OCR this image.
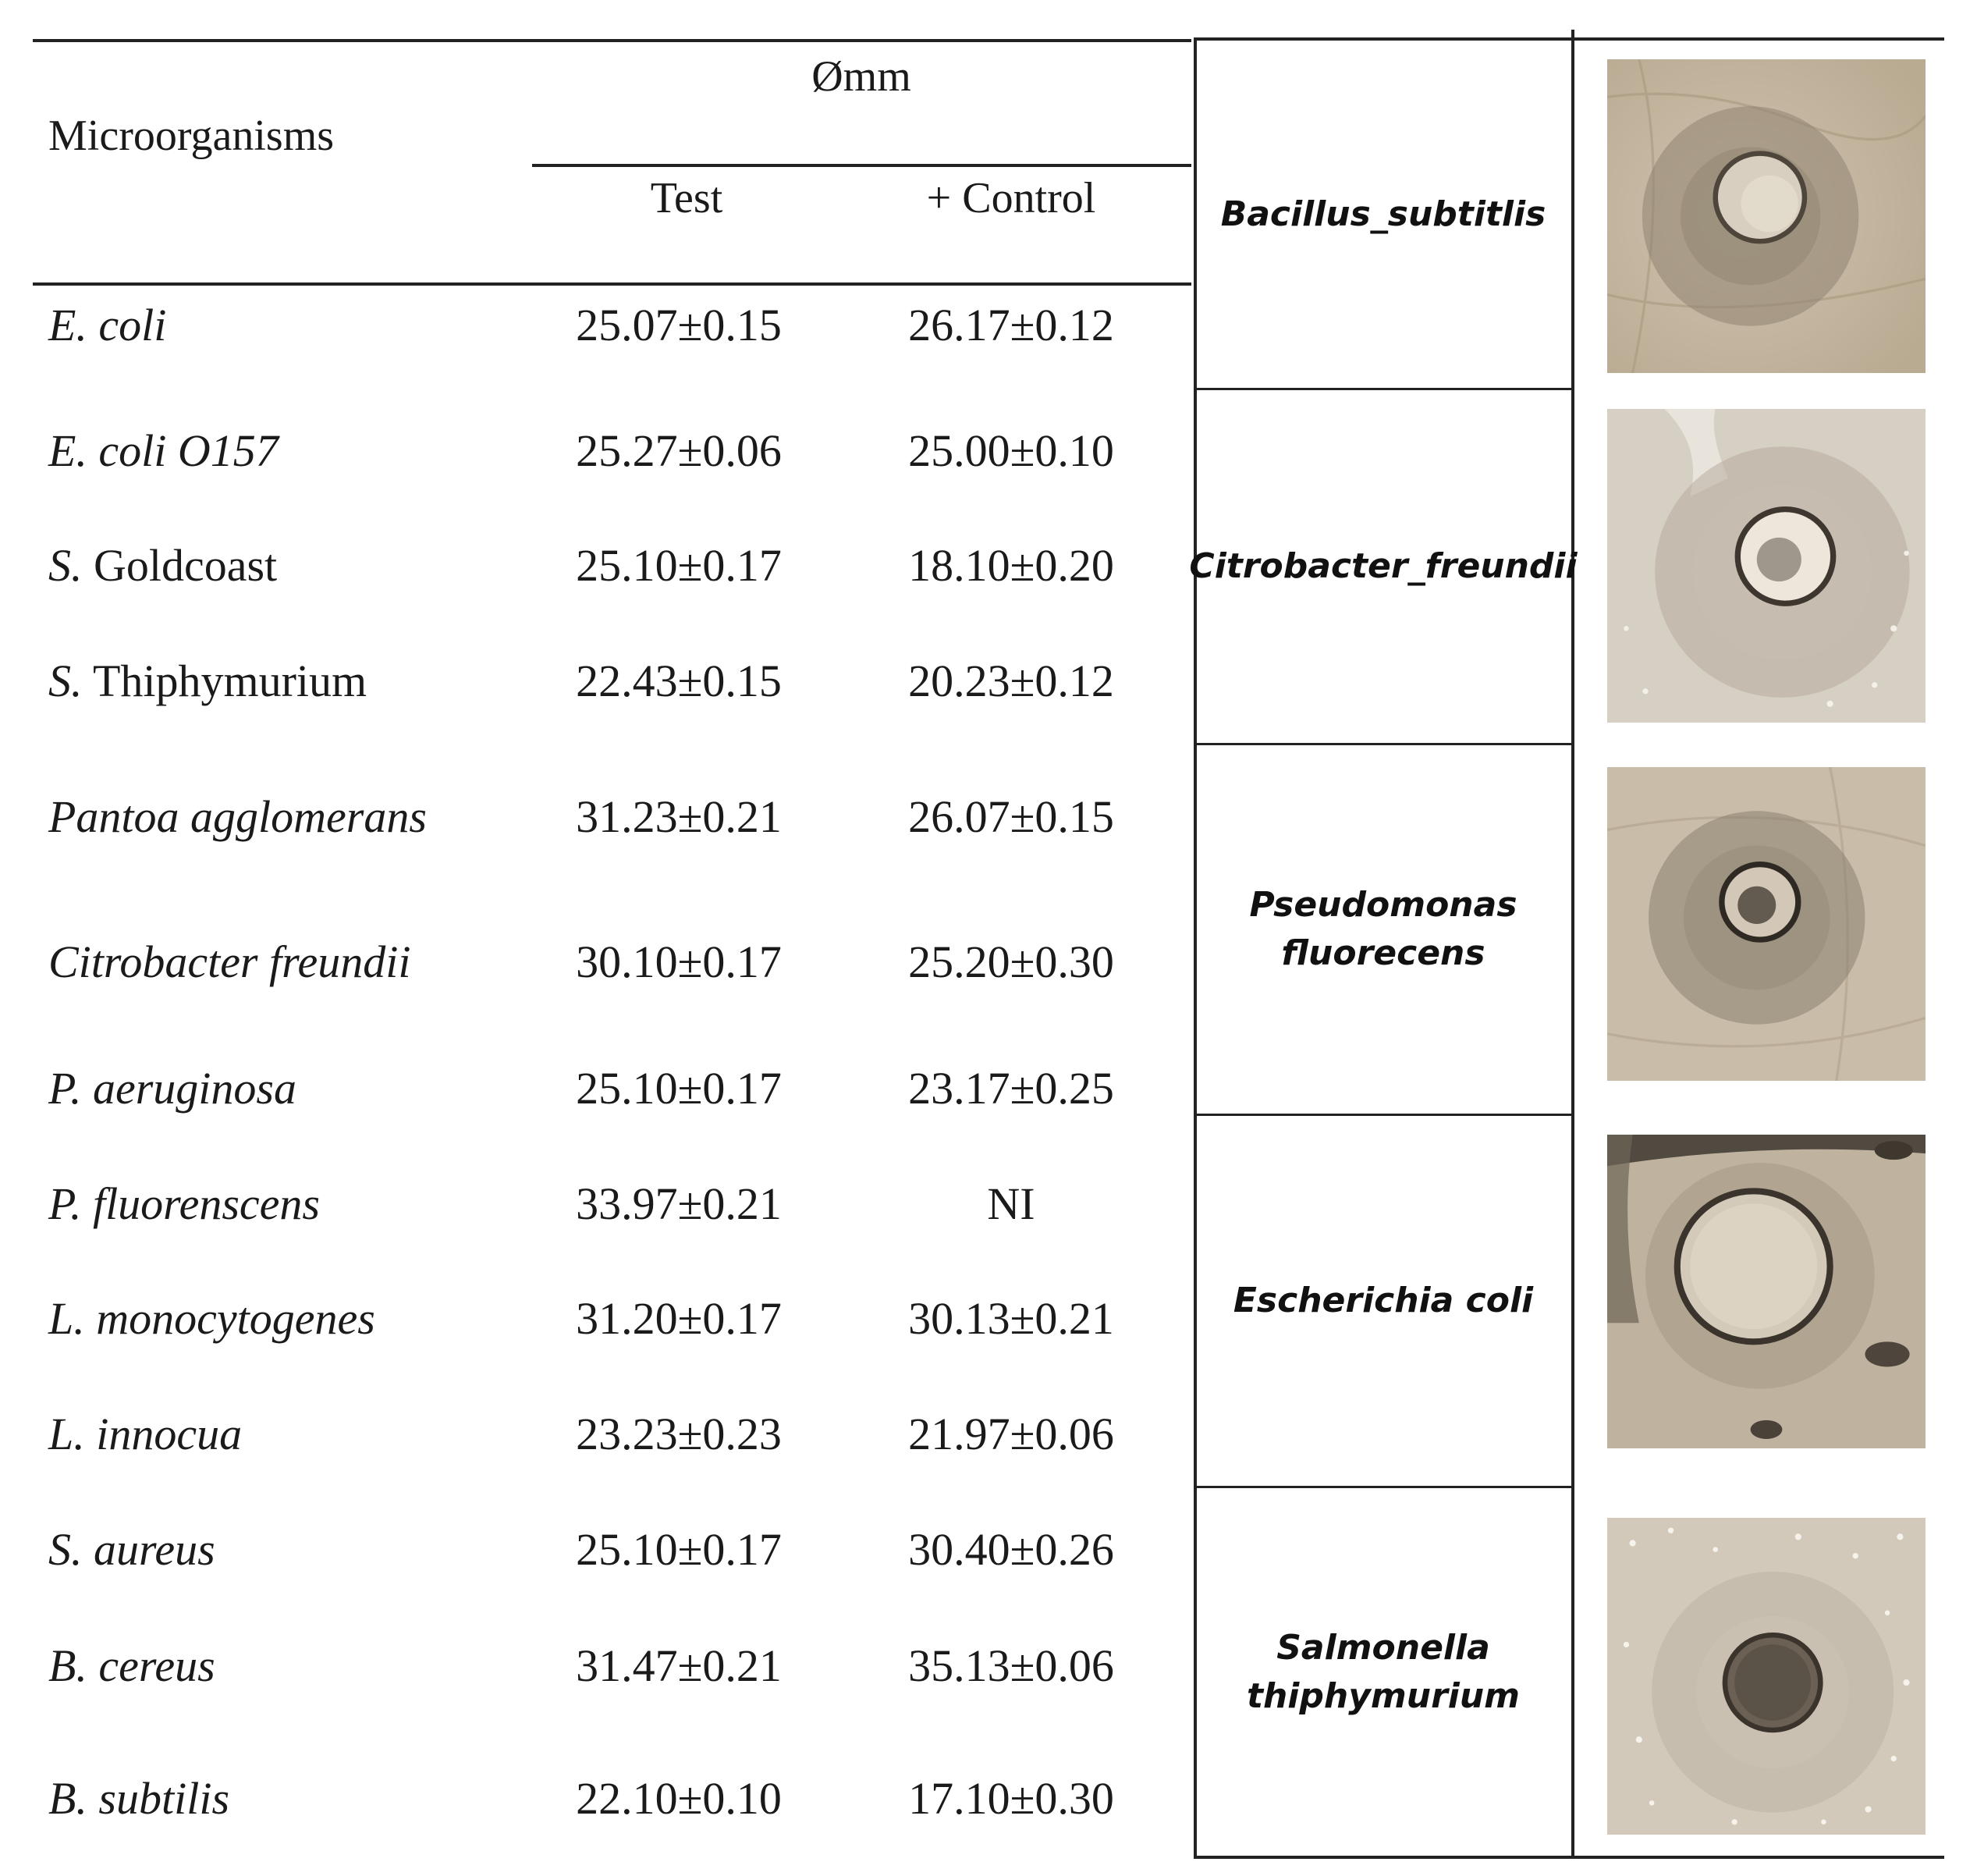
Microorganisms
Ømm
Test	+ Control
E. coli	25.07±0.15	26.17±0.12
E. coli O157	25.27±0.06	25.00±0.10
S. Goldcoast	25.10±0.17	18.10±0.20
S. Thiphymurium	22.43±0.15	20.23±0.12
Pantoa agglomerans	31.23±0.21	26.07±0.15
Citrobacter freundii	30.10±0.17	25.20±0.30
P. aeruginosa	25.10±0.17	23.17±0.25
P. fluorenscens	33.97±0.21	NI
L. monocytogenes	31.20±0.17	30.13±0.21
L. innocua	23.23±0.23	21.97±0.06
S. aureus	25.10±0.17	30.40±0.26
B. cereus	31.47±0.21	35.13±0.06
B. subtilis	22.10±0.10	17.10±0.30
Bacillus_subtitlis
Citrobacter_freundii
Pseudomonas
fluorecens
Escherichia coli
Salmonella
thiphymurium
